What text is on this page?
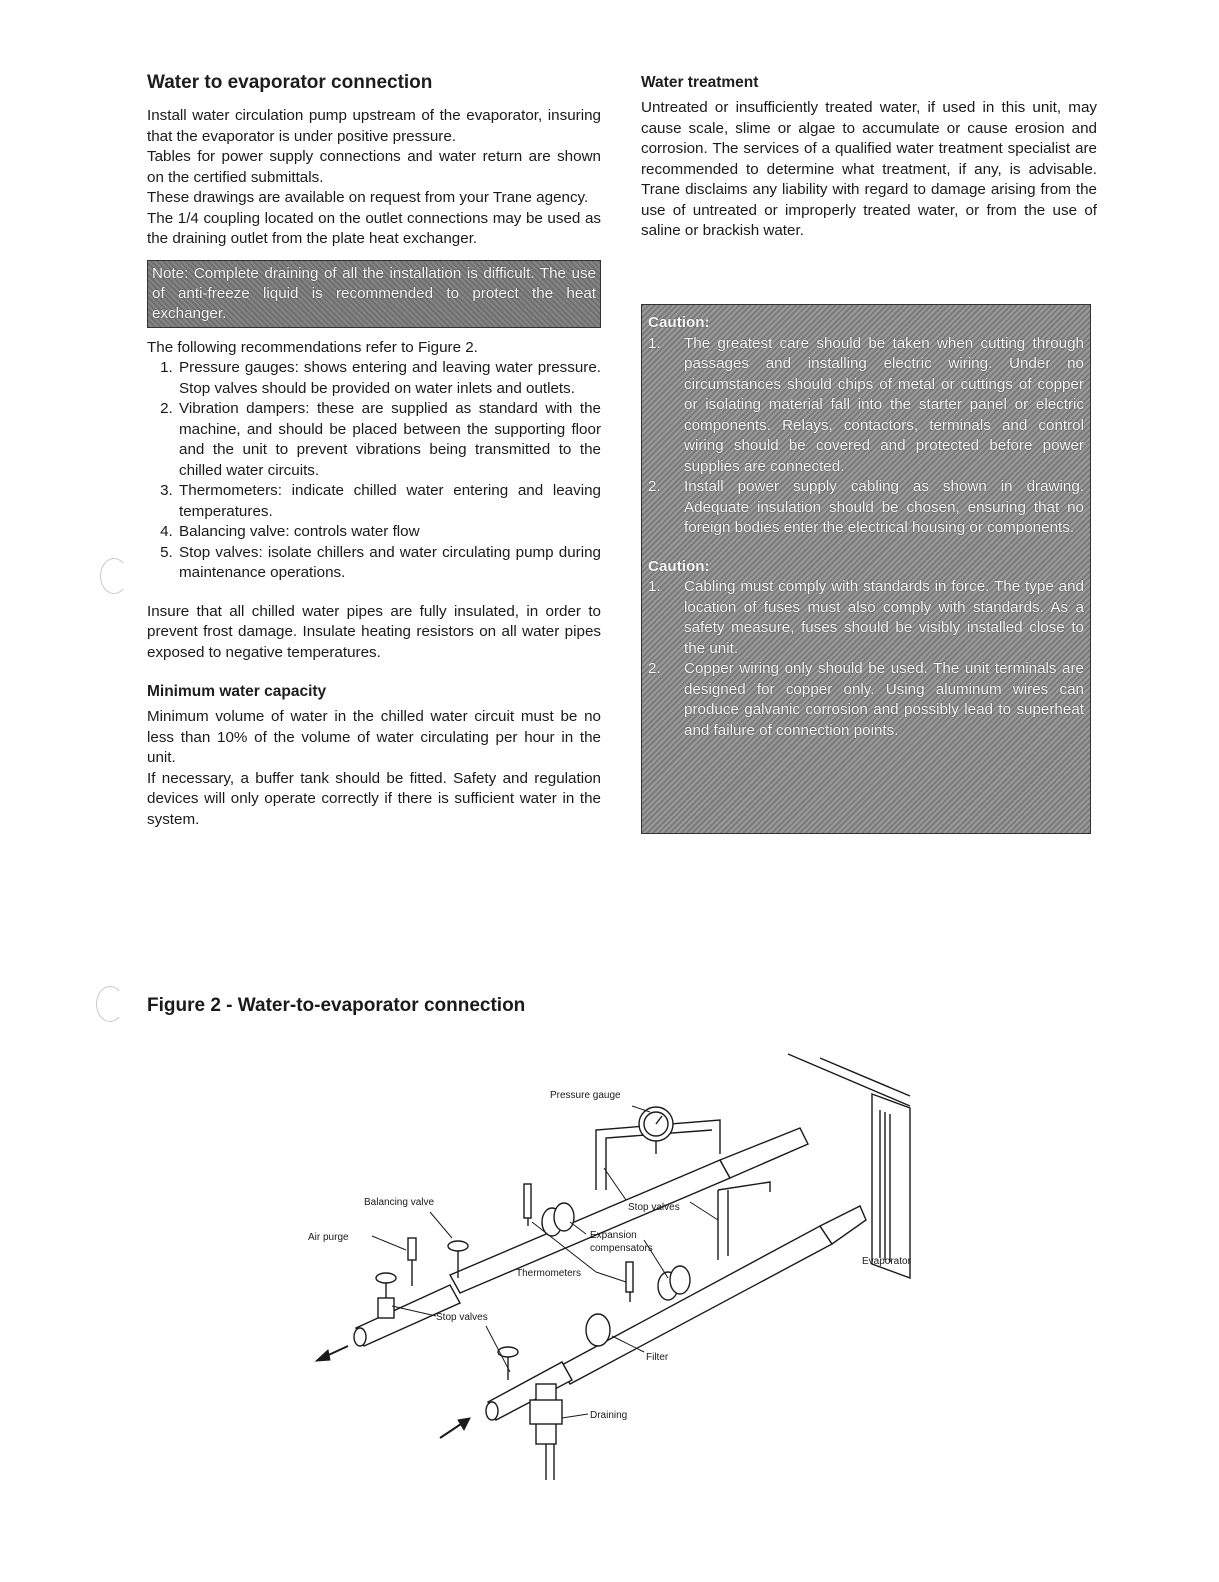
Water to evaporator connection

Install water circulation pump upstream of the evaporator, insuring that the evaporator is under positive pressure.

Tables for power supply connections and water return are shown on the certified submittals.

These drawings are available on request from your Trane agency.

The 1/4 coupling located on the outlet connections may be used as the draining outlet from the plate heat exchanger.

Note: Complete draining of all the installation is difficult. The use of anti-freeze liquid is recommended to protect the heat exchanger.

The following recommendations refer to Figure 2.

1. Pressure gauges: shows entering and leaving water pressure. Stop valves should be provided on water inlets and outlets.
2. Vibration dampers: these are supplied as standard with the machine, and should be placed between the supporting floor and the unit to prevent vibrations being transmitted to the chilled water circuits.
3. Thermometers: indicate chilled water entering and leaving temperatures.
4. Balancing valve: controls water flow
5. Stop valves: isolate chillers and water circulating pump during maintenance operations.

Insure that all chilled water pipes are fully insulated, in order to prevent frost damage. Insulate heating resistors on all water pipes exposed to negative temperatures.

Minimum water capacity

Minimum volume of water in the chilled water circuit must be no less than 10% of the volume of water circulating per hour in the unit.

If necessary, a buffer tank should be fitted. Safety and regulation devices will only operate correctly if there is sufficient water in the system.

Water treatment

Untreated or insufficiently treated water, if used in this unit, may cause scale, slime or algae to accumulate or cause erosion and corrosion. The services of a qualified water treatment specialist are recommended to determine what treatment, if any, is advisable. Trane disclaims any liability with regard to damage arising from the use of untreated or improperly treated water, or from the use of saline or brackish water.

Caution:
1.	The greatest care should be taken when cutting through passages and installing electric wiring. Under no circumstances should chips of metal or cuttings of copper or isolating material fall into the starter panel or electric components. Relays, contactors, terminals and control wiring should be covered and protected before power supplies are connected.
2.	Install power supply cabling as shown in drawing. Adequate insulation should be chosen, ensuring that no foreign bodies enter the electrical housing or components.
Caution:
1.	Cabling must comply with standards in force. The type and location of fuses must also comply with standards. As a safety measure, fuses should be visibly installed close to the unit.
2.	Copper wiring only should be used. The unit terminals are designed for copper only. Using aluminum wires can produce galvanic corrosion and possibly lead to superheat and failure of connection points.
Figure 2 - Water-to-evaporator connection
Pressure gauge
Balancing valve	Stop valves
Air purge	Expansion
compensators
Thermometers
Evaporator
Stop valves
Filter
Draining
